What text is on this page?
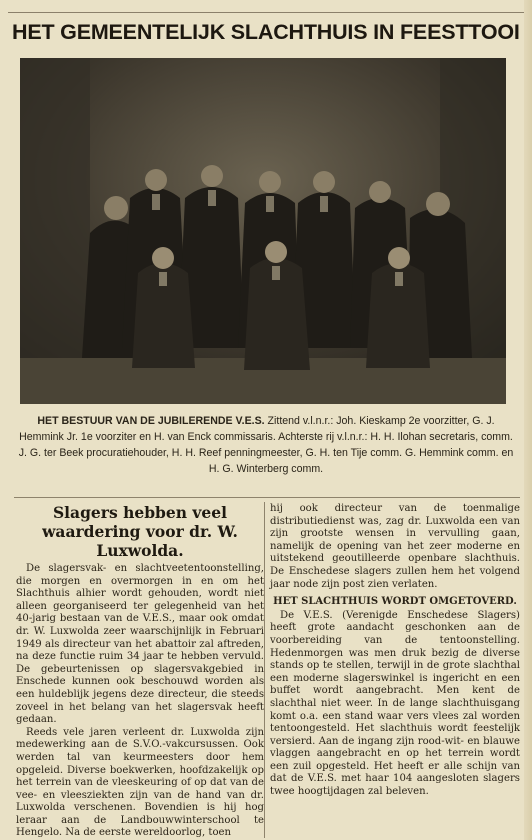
HET GEMEENTELIJK SLACHTHUIS IN FEESTTOOI
HET BESTUUR VAN DE JUBILERENDE V.E.S. Zittend v.l.n.r.: Joh. Kieskamp 2e voorzitter, G. J. Hemmink Jr. 1e voorziter en H. van Enck commissaris. Achterste rij v.l.n.r.: H. H. Ilohan secretaris, comm. J. G. ter Beek procuratiehouder, H. H. Reef penningmeester, G. H. ten Tije comm. G. Hemmink comm. en H. G. Winterberg comm.
Slagers hebben veel waardering voor dr. W. Luxwolda.

De slagersvak- en slachtveetentoonstelling, die morgen en overmorgen in en om het Slachthuis alhier wordt gehouden, wordt niet alleen georganiseerd ter gelegenheid van het 40-jarig bestaan van de V.E.S., maar ook omdat dr. W. Luxwolda zeer waarschijnlijk in Februari 1949 als directeur van het abattoir zal aftreden, na deze functie ruim 34 jaar te hebben vervuld. De gebeurtenissen op slagersvakgebied in Enschede kunnen ook beschouwd worden als een huldeblijk jegens deze directeur, die steeds zoveel in het belang van het slagersvak heeft gedaan.

Reeds vele jaren verleent dr. Luxwolda zijn medewerking aan de S.V.O.-vakcursussen. Ook werden tal van keurmeesters door hem opgeleid. Diverse boekwerken, hoofdzakelijk op het terrein van de vleeskeuring of op dat van de vee- en vleesziekten zijn van de hand van dr. Luxwolda verschenen. Bovendien is hij hog leraar aan de Landbouwwinterschool te Hengelo. Na de eerste wereldoorlog, toen

hij ook directeur van de toenmalige distributiedienst was, zag dr. Luxwolda een van zijn grootste wensen in vervulling gaan, namelijk de opening van het zeer moderne en uitstekend geoutilleerde openbare slachthuis. De Enschedese slagers zullen hem het volgend jaar node zijn post zien verlaten.

HET SLACHTHUIS WORDT OMGETOVERD.

De V.E.S. (Verenigde Enschedese Slagers) heeft grote aandacht geschonken aan de voorbereiding van de tentoonstelling. Hedenmorgen was men druk bezig de diverse stands op te stellen, terwijl in de grote slachthal een moderne slagerswinkel is ingericht en een buffet wordt aangebracht. Men kent de slachthal niet weer. In de lange slachthuisgang komt o.a. een stand waar vers vlees zal worden tentoongesteld. Het slachthuis wordt feestelijk versierd. Aan de ingang zijn rood-wit- en blauwe vlaggen aangebracht en op het terrein wordt een zuil opgesteld. Het heeft er alle schijn van dat de V.E.S. met haar 104 aangesloten slagers twee hoogtijdagen zal beleven.
